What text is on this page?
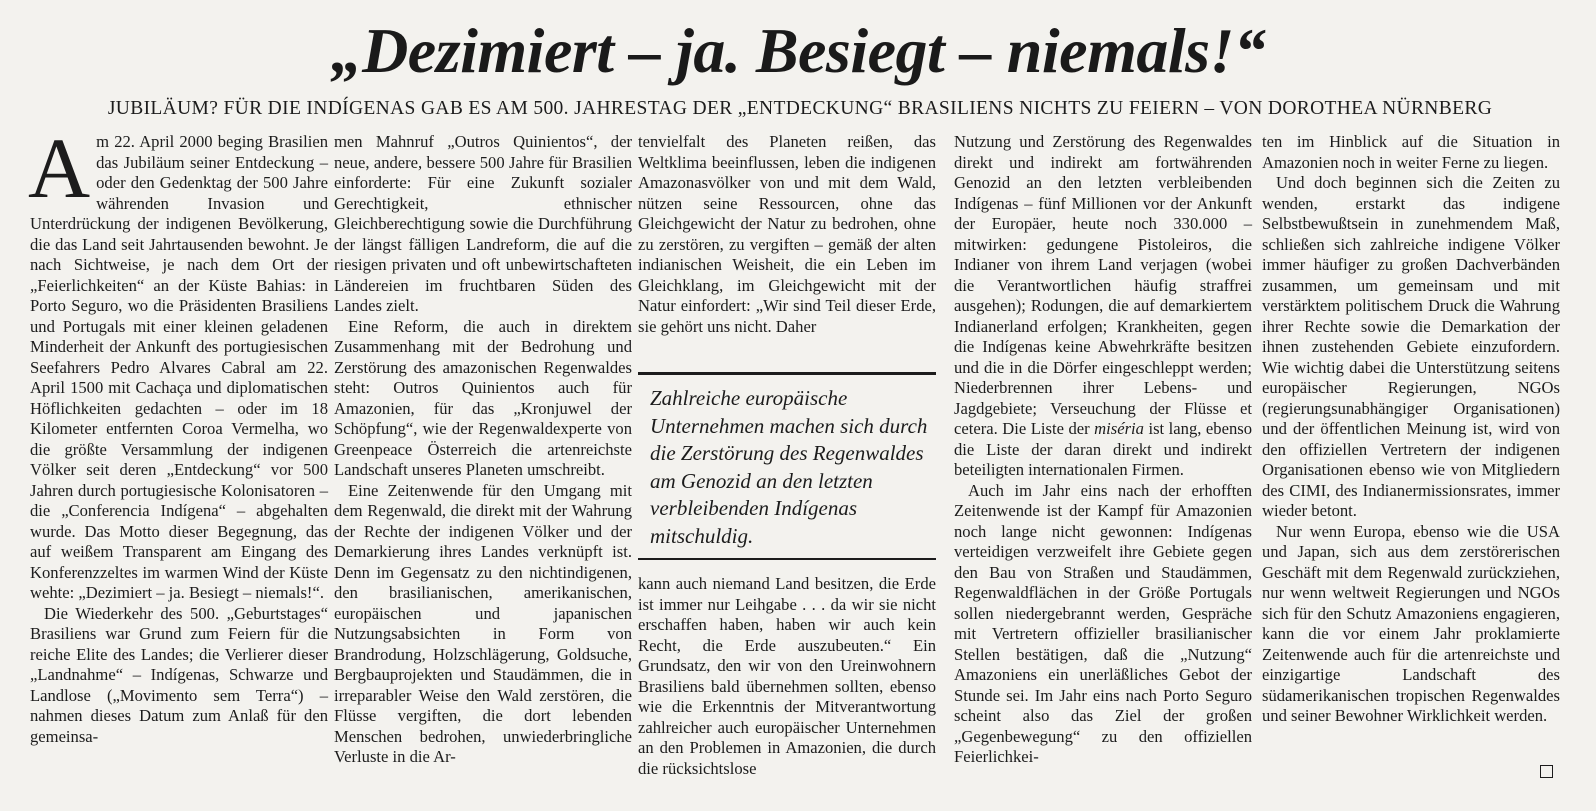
„Dezimiert – ja. Besiegt – niemals!“
JUBILÄUM? FÜR DIE INDÍGENAS GAB ES AM 500. JAHRESTAG DER „ENTDECKUNG“ BRASILIENS NICHTS ZU FEIERN – VON DOROTHEA NÜRNBERG

Am 22. April 2000 beging Brasilien das Jubiläum seiner Entdeckung – oder den Gedenktag der 500 Jahre währenden Invasion und Unterdrückung der indigenen Bevölkerung, die das Land seit Jahrtausenden bewohnt. Je nach Sichtweise, je nach dem Ort der „Feierlichkeiten“ an der Küste Bahias: in Porto Seguro, wo die Präsidenten Brasiliens und Portugals mit einer kleinen geladenen Minderheit der Ankunft des portugiesischen Seefahrers Pedro Alvares Cabral am 22. April 1500 mit Cachaça und diplomatischen Höflichkeiten gedachten – oder im 18 Kilometer entfernten Coroa Vermelha, wo die größte Versammlung der indigenen Völker seit deren „Entdeckung“ vor 500 Jahren durch portugiesische Kolonisatoren – die „Conferencia Indígena“ – abgehalten wurde. Das Motto dieser Begegnung, das auf weißem Transparent am Eingang des Konferenzzeltes im warmen Wind der Küste wehte: „Dezimiert – ja. Besiegt – niemals!“.

Die Wiederkehr des 500. „Geburtstages“ Brasiliens war Grund zum Feiern für die reiche Elite des Landes; die Verlierer dieser „Landnahme“ – Indígenas, Schwarze und Landlose („Movimento sem Terra“) – nahmen dieses Datum zum Anlaß für den gemeinsa-

men Mahnruf „Outros Quinientos“, der neue, andere, bessere 500 Jahre für Brasilien einforderte: Für eine Zukunft sozialer Gerechtigkeit, ethnischer Gleichberechtigung sowie die Durchführung der längst fälligen Landreform, die auf die riesigen privaten und oft unbewirtschafteten Ländereien im fruchtbaren Süden des Landes zielt.

Eine Reform, die auch in direktem Zusammenhang mit der Bedrohung und Zerstörung des amazonischen Regenwaldes steht: Outros Quinientos auch für Amazonien, für das „Kronjuwel der Schöpfung“, wie der Regenwaldexperte von Greenpeace Österreich die artenreichste Landschaft unseres Planeten umschreibt.

Eine Zeitenwende für den Umgang mit dem Regenwald, die direkt mit der Wahrung der Rechte der indigenen Völker und der Demarkierung ihres Landes verknüpft ist. Denn im Gegensatz zu den nichtindigenen, den brasilianischen, amerikanischen, europäischen und japanischen Nutzungsabsichten in Form von Brandrodung, Holzschlägerung, Goldsuche, Bergbauprojekten und Staudämmen, die in irreparabler Weise den Wald zerstören, die Flüsse vergiften, die dort lebenden Menschen bedrohen, unwiederbringliche Verluste in die Ar-

tenvielfalt des Planeten reißen, das Weltklima beeinflussen, leben die indigenen Amazonasvölker von und mit dem Wald, nützen seine Ressourcen, ohne das Gleichgewicht der Natur zu bedrohen, ohne zu zerstören, zu vergiften – gemäß der alten indianischen Weisheit, die ein Leben im Gleichklang, im Gleichgewicht mit der Natur einfordert: „Wir sind Teil dieser Erde, sie gehört uns nicht. Daher

Zahlreiche europäische Unternehmen machen sich durch die Zerstörung des Regenwaldes am Genozid an den letzten verbleibenden Indígenas mitschuldig.

kann auch niemand Land besitzen, die Erde ist immer nur Leihgabe . . . da wir sie nicht erschaffen haben, haben wir auch kein Recht, die Erde auszubeuten.“ Ein Grundsatz, den wir von den Ureinwohnern Brasiliens bald übernehmen sollten, ebenso wie die Erkenntnis der Mitverantwortung zahlreicher auch europäischer Unternehmen an den Problemen in Amazonien, die durch die rücksichtslose

Nutzung und Zerstörung des Regenwaldes direkt und indirekt am fortwährenden Genozid an den letzten verbleibenden Indígenas – fünf Millionen vor der Ankunft der Europäer, heute noch 330.000 – mitwirken: gedungene Pistoleiros, die Indianer von ihrem Land verjagen (wobei die Verantwortlichen häufig straffrei ausgehen); Rodungen, die auf demarkiertem Indianerland erfolgen; Krankheiten, gegen die Indígenas keine Abwehrkräfte besitzen und die in die Dörfer eingeschleppt werden; Niederbrennen ihrer Lebens- und Jagdgebiete; Verseuchung der Flüsse et cetera. Die Liste der miséria ist lang, ebenso die Liste der daran direkt und indirekt beteiligten internationalen Firmen.

Auch im Jahr eins nach der erhofften Zeitenwende ist der Kampf für Amazonien noch lange nicht gewonnen: Indígenas verteidigen verzweifelt ihre Gebiete gegen den Bau von Straßen und Staudämmen, Regenwaldflächen in der Größe Portugals sollen niedergebrannt werden, Gespräche mit Vertretern offizieller brasilianischer Stellen bestätigen, daß die „Nutzung“ Amazoniens ein unerläßliches Gebot der Stunde sei. Im Jahr eins nach Porto Seguro scheint also das Ziel der großen „Gegenbewegung“ zu den offiziellen Feierlichkei-

ten im Hinblick auf die Situation in Amazonien noch in weiter Ferne zu liegen.

Und doch beginnen sich die Zeiten zu wenden, erstarkt das indigene Selbstbewußtsein in zunehmendem Maß, schließen sich zahlreiche indigene Völker immer häufiger zu großen Dachverbänden zusammen, um gemeinsam und mit verstärktem politischem Druck die Wahrung ihrer Rechte sowie die Demarkation der ihnen zustehenden Gebiete einzufordern. Wie wichtig dabei die Unterstützung seitens europäischer Regierungen, NGOs (regierungsunabhängiger Organisationen) und der öffentlichen Meinung ist, wird von den offiziellen Vertretern der indigenen Organisationen ebenso wie von Mitgliedern des CIMI, des Indianermissionsrates, immer wieder betont.

Nur wenn Europa, ebenso wie die USA und Japan, sich aus dem zerstörerischen Geschäft mit dem Regenwald zurückziehen, nur wenn weltweit Regierungen und NGOs sich für den Schutz Amazoniens engagieren, kann die vor einem Jahr proklamierte Zeitenwende auch für die artenreichste und einzigartige Landschaft des südamerikanischen tropischen Regenwaldes und seiner Bewohner Wirklichkeit werden.
